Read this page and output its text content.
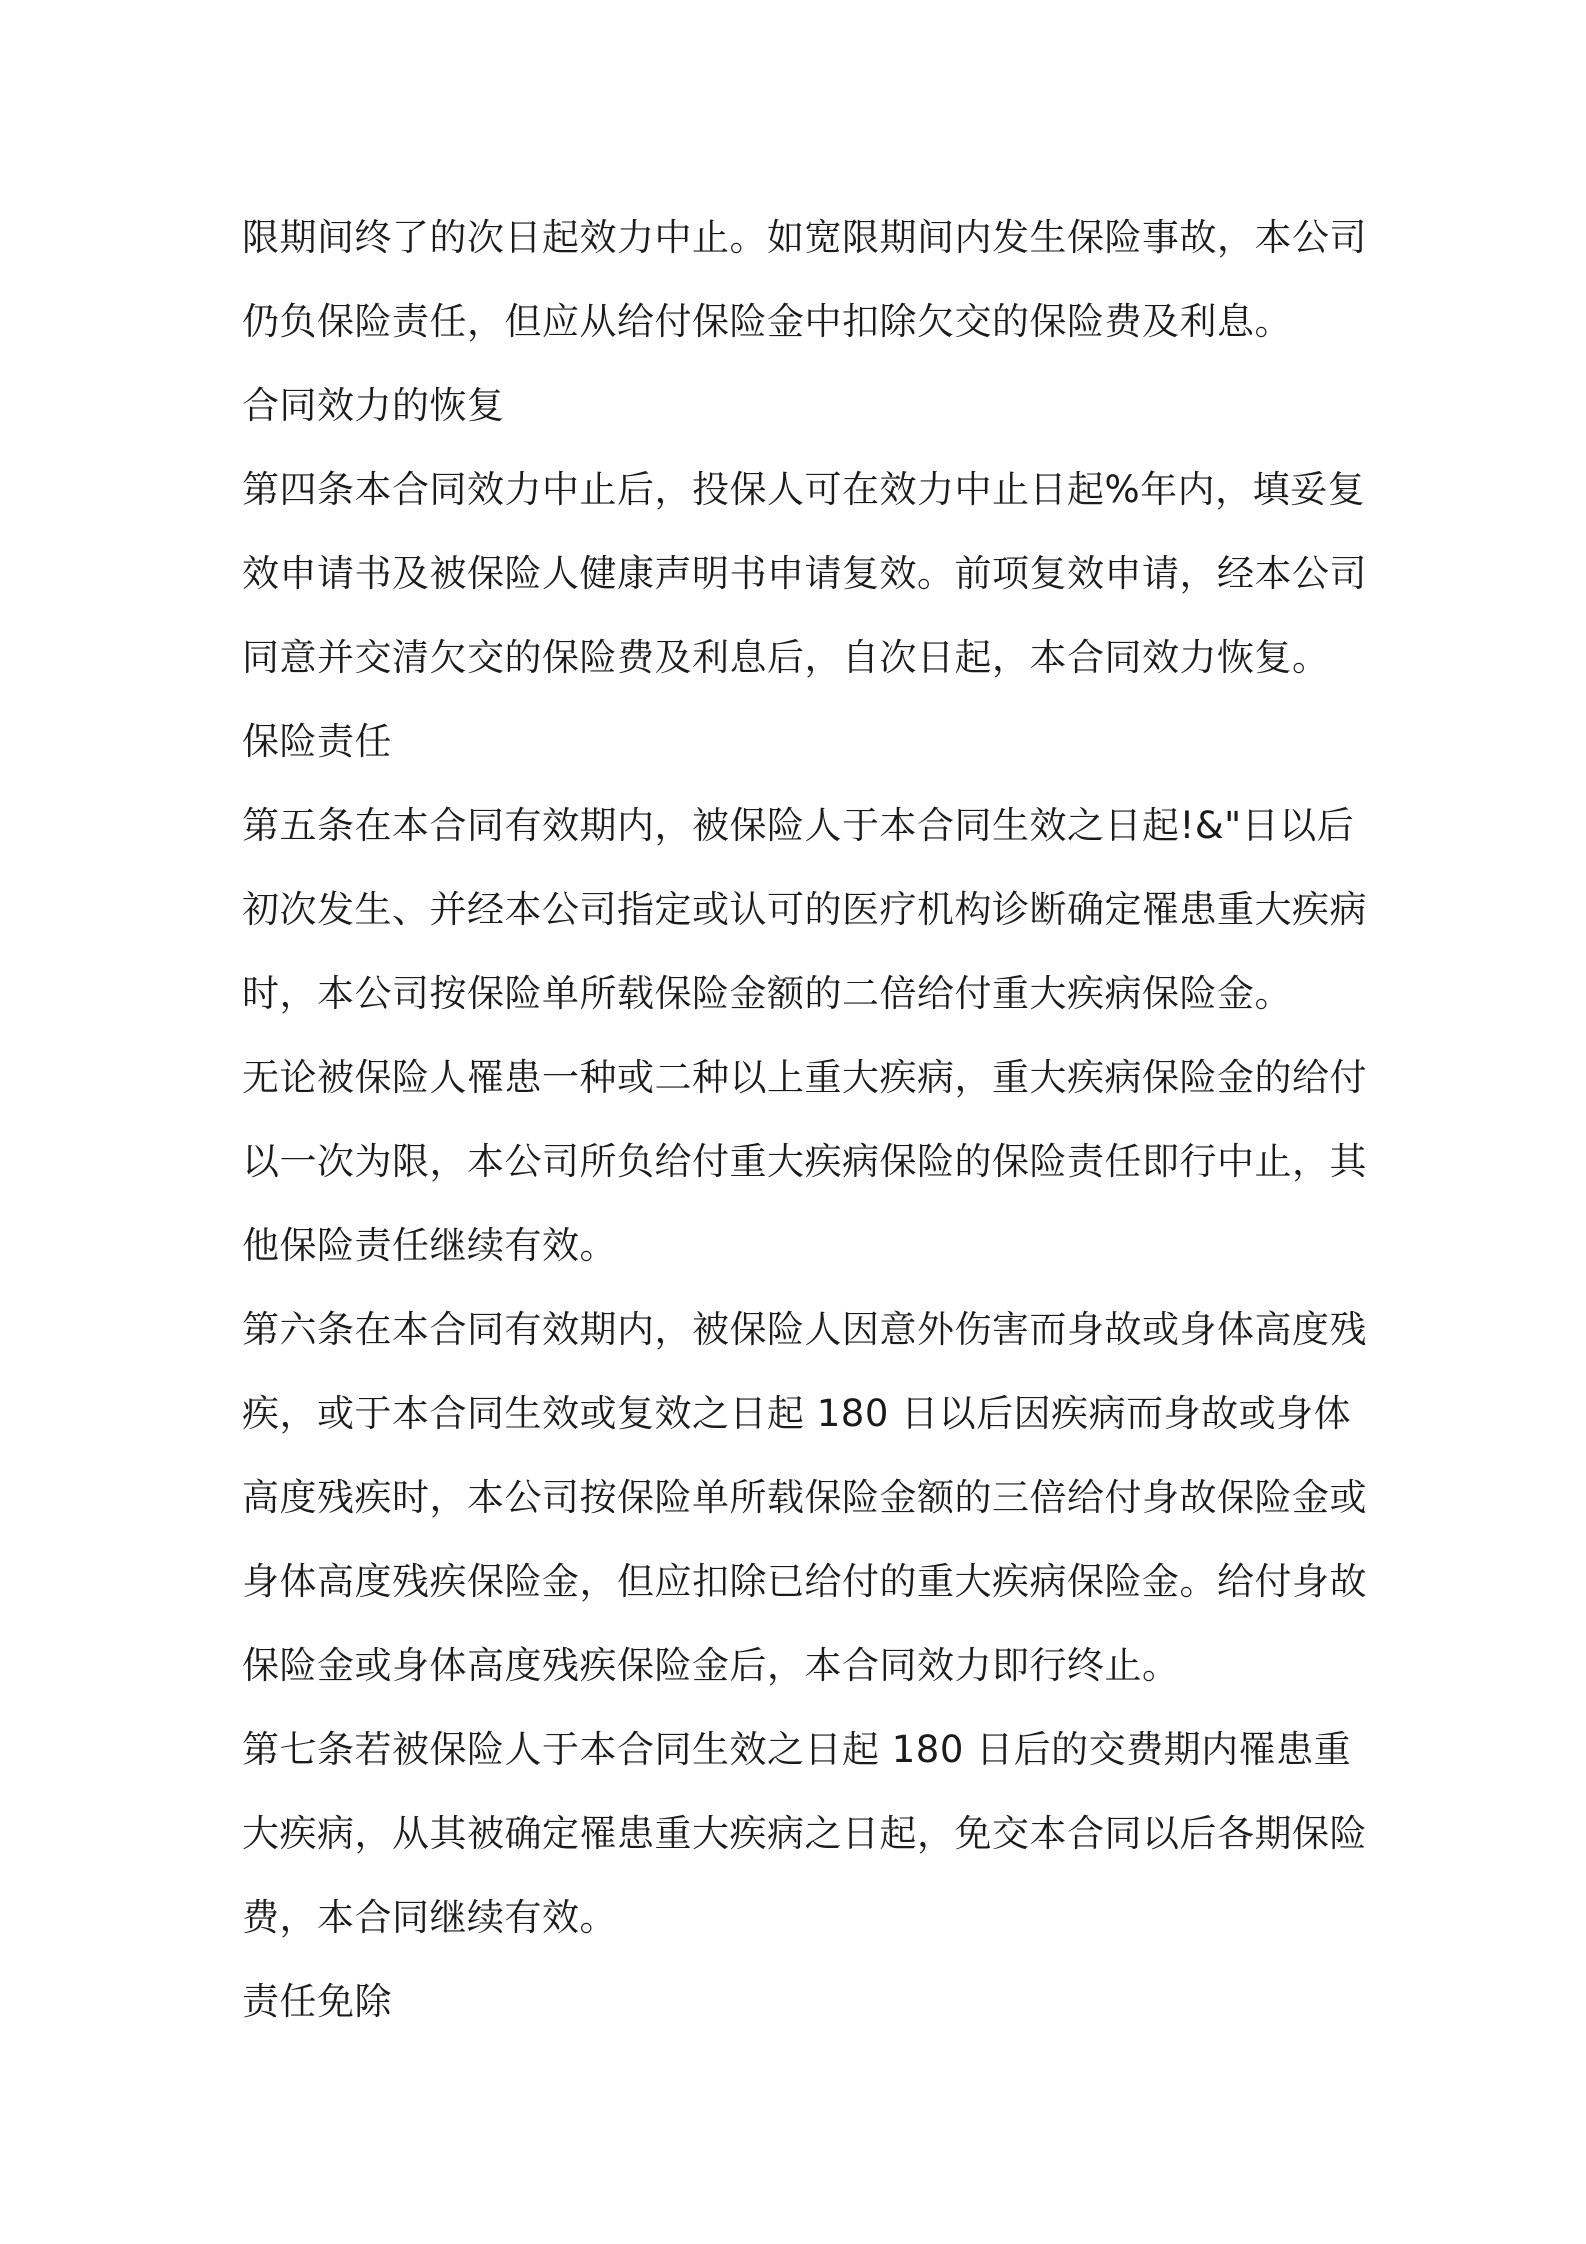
限期间终了的次日起效力中止。如宽限期间内发生保险事故，本公司

仍负保险责任，但应从给付保险金中扣除欠交的保险费及利息。

合同效力的恢复

第四条本合同效力中止后，投保人可在效力中止日起%年内，填妥复

效申请书及被保险人健康声明书申请复效。前项复效申请，经本公司

同意并交清欠交的保险费及利息后，自次日起，本合同效力恢复。

保险责任

第五条在本合同有效期内，被保险人于本合同生效之日起!&"日以后

初次发生、并经本公司指定或认可的医疗机构诊断确定罹患重大疾病

时，本公司按保险单所载保险金额的二倍给付重大疾病保险金。

无论被保险人罹患一种或二种以上重大疾病，重大疾病保险金的给付

以一次为限，本公司所负给付重大疾病保险的保险责任即行中止，其

他保险责任继续有效。

第六条在本合同有效期内，被保险人因意外伤害而身故或身体高度残

疾，或于本合同生效或复效之日起 180 日以后因疾病而身故或身体

高度残疾时，本公司按保险单所载保险金额的三倍给付身故保险金或

身体高度残疾保险金，但应扣除已给付的重大疾病保险金。给付身故

保险金或身体高度残疾保险金后，本合同效力即行终止。

第七条若被保险人于本合同生效之日起 180 日后的交费期内罹患重

大疾病，从其被确定罹患重大疾病之日起，免交本合同以后各期保险

费，本合同继续有效。

责任免除
